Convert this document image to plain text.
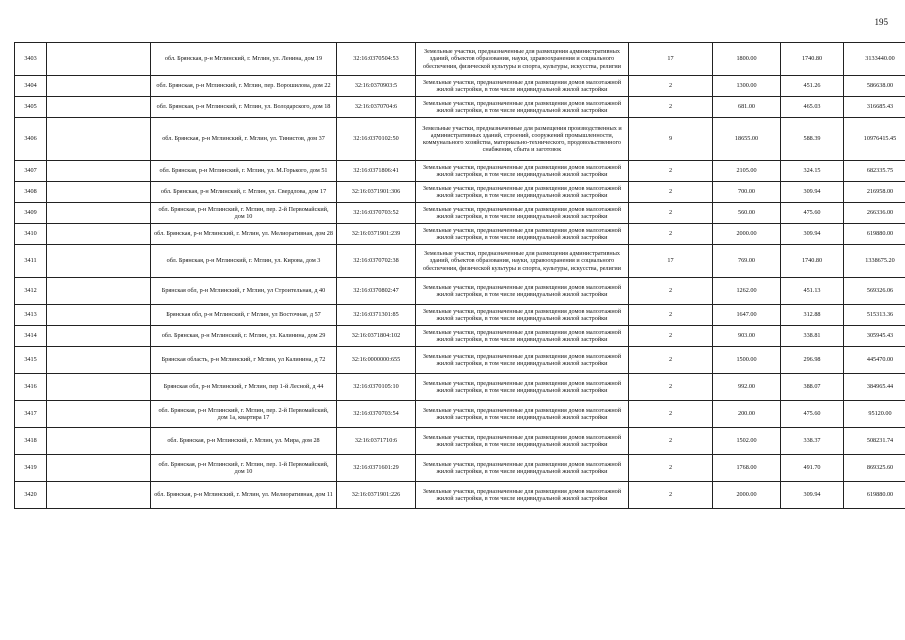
195
3403		обл. Брянская, р-н Мглинский, г. Мглин, ул. Ленина, дом 19	32:16:0370504:53	Земельные участки, предназначенные для размещения административных зданий, объектов образования, науки, здравоохранения и социального обеспечения, физической культуры и спорта, культуры, искусства, религии	17	1800.00	1740.80	3133440.00
3404		обл. Брянская, р-н Мглинский, г. Мглин, пер. Ворошилова, дом 22	32:16:0370903:5	Земельные участки, предназначенные для размещения домов малоэтажной жилой застройки, в том числе индивидуальной жилой застройки	2	1300.00	451.26	586638.00
3405		обл. Брянская, р-н Мглинский, г. Мглин, ул. Володарского, дом 18	32:16:0370704:6	Земельные участки, предназначенные для размещения домов малоэтажной жилой застройки, в том числе индивидуальной жилой застройки	2	681.00	465.03	316685.43
3406		обл. Брянская, р-н Мглинский, г. Мглин, ул. Тинистов, дом 37	32:16:0370102:50	Земельные участки, предназначенные для размещения производственных и административных зданий, строений, сооружений промышленности, коммунального хозяйства, материально-технического, продовольственного снабжения, сбыта и заготовок	9	18655.00	588.39	10976415.45
3407		обл. Брянская, р-н Мглинский, г. Мглин, ул. М.Горького, дом 51	32:16:0371806:41	Земельные участки, предназначенные для размещения домов малоэтажной жилой застройки, в том числе индивидуальной жилой застройки	2	2105.00	324.15	682335.75
3408		обл. Брянская, р-н Мглинский, г. Мглин, ул. Свердлова, дом 17	32:16:0371901:306	Земельные участки, предназначенные для размещения домов малоэтажной жилой застройки, в том числе индивидуальной жилой застройки	2	700.00	309.94	216958.00
3409		обл. Брянская, р-н Мглинский, г. Мглин, пер. 2-й Первомайский, дом 10	32:16:0370703:52	Земельные участки, предназначенные для размещения домов малоэтажной жилой застройки, в том числе индивидуальной жилой застройки	2	560.00	475.60	266336.00
3410		обл. Брянская, р-н Мглинский, г. Мглин, ул. Мелиоративная, дом 28	32:16:0371901:239	Земельные участки, предназначенные для размещения домов малоэтажной жилой застройки, в том числе индивидуальной жилой застройки	2	2000.00	309.94	619880.00
3411		обл. Брянская, р-н Мглинский, г. Мглин, ул. Кирова, дом 3	32:16:0370702:38	Земельные участки, предназначенные для размещения административных зданий, объектов образования, науки, здравоохранения и социального обеспечения, физической культуры и спорта, культуры, искусства, религии	17	769.00	1740.80	1338675.20
3412		Брянская обл, р-н Мглинский, г Мглин, ул Строительная, д 40	32:16:0370802:47	Земельные участки, предназначенные для размещения домов малоэтажной жилой застройки, в том числе индивидуальной жилой застройки	2	1262.00	451.13	569326.06
3413		Брянская обл, р-н Мглинский, г Мглин, ул Восточная, д 57	32:16:0371301:85	Земельные участки, предназначенные для размещения домов малоэтажной жилой застройки, в том числе индивидуальной жилой застройки	2	1647.00	312.88	515313.36
3414		обл. Брянская, р-н Мглинский, г. Мглин, ул. Калинина, дом 29	32:16:0371804:102	Земельные участки, предназначенные для размещения домов малоэтажной жилой застройки, в том числе индивидуальной жилой застройки	2	903.00	338.81	305945.43
3415		Брянская область, р-н Мглинский, г Мглин, ул Калинина, д 72	32:16:0000000:655	Земельные участки, предназначенные для размещения домов малоэтажной жилой застройки, в том числе индивидуальной жилой застройки	2	1500.00	296.98	445470.00
3416		Брянская обл, р-н Мглинский, г Мглин, пер 1-й Лесной, д 44	32:16:0370105:10	Земельные участки, предназначенные для размещения домов малоэтажной жилой застройки, в том числе индивидуальной жилой застройки	2	992.00	388.07	384965.44
3417		обл. Брянская, р-н Мглинский, г. Мглин, пер. 2-й Первомайский, дом 1а, квартира 17	32:16:0370703:54	Земельные участки, предназначенные для размещения домов малоэтажной жилой застройки, в том числе индивидуальной жилой застройки	2	200.00	475.60	95120.00
3418		обл. Брянская, р-н Мглинский, г. Мглин, ул. Мира, дом 28	32:16:0371710:6	Земельные участки, предназначенные для размещения домов малоэтажной жилой застройки, в том числе индивидуальной жилой застройки	2	1502.00	338.37	508231.74
3419		обл. Брянская, р-н Мглинский, г. Мглин, пер. 1-й Первомайский, дом 10	32:16:0371601:29	Земельные участки, предназначенные для размещения домов малоэтажной жилой застройки, в том числе индивидуальной жилой застройки	2	1768.00	491.70	869325.60
3420		обл. Брянская, р-н Мглинский, г. Мглин, ул. Мелиоративная, дом 11	32:16:0371901:226	Земельные участки, предназначенные для размещения домов малоэтажной жилой застройки, в том числе индивидуальной жилой застройки	2	2000.00	309.94	619880.00
